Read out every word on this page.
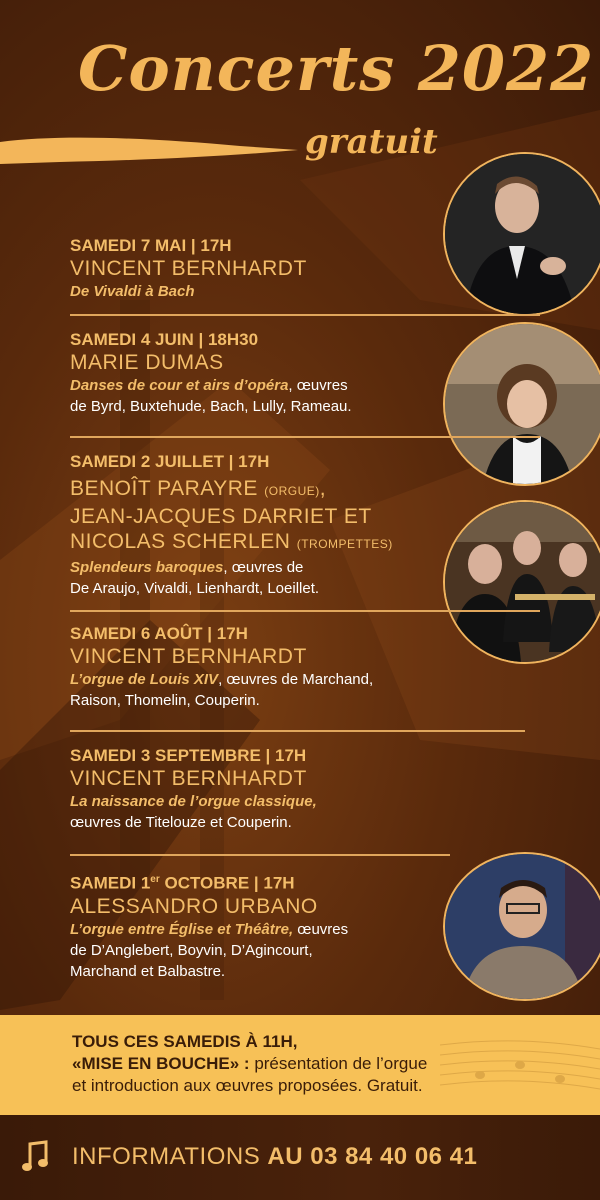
Concerts 2022
gratuit

SAMEDI 7 MAI | 17H

VINCENT BERNHARDT

De Vivaldi à Bach

SAMEDI 4 JUIN | 18H30

MARIE DUMAS

Danses de cour et airs d’opéra, œuvres

de Byrd, Buxtehude, Bach, Lully, Rameau.

SAMEDI 2 JUILLET | 17H

BENOÎT PARAYRE (ORGUE),

JEAN-JACQUES DARRIET ET

NICOLAS SCHERLEN (TROMPETTES)

Splendeurs baroques, œuvres de

De Araujo, Vivaldi, Lienhardt, Loeillet.

SAMEDI 6 AOÛT | 17H

VINCENT BERNHARDT

L’orgue de Louis XIV, œuvres de Marchand,

Raison, Thomelin, Couperin.

SAMEDI 3 SEPTEMBRE | 17H

VINCENT BERNHARDT

La naissance de l’orgue classique,

œuvres de Titelouze et Couperin.

SAMEDI 1er OCTOBRE | 17H

ALESSANDRO URBANO

L’orgue entre Église et Théâtre, œuvres

de D’Anglebert, Boyvin, D’Agincourt,

Marchand et Balbastre.

TOUS CES SAMEDIS À 11H,
«MISE EN BOUCHE» : présentation de l’orgue
et introduction aux œuvres proposées. Gratuit.
INFORMATIONS AU 03 84 40 06 41
